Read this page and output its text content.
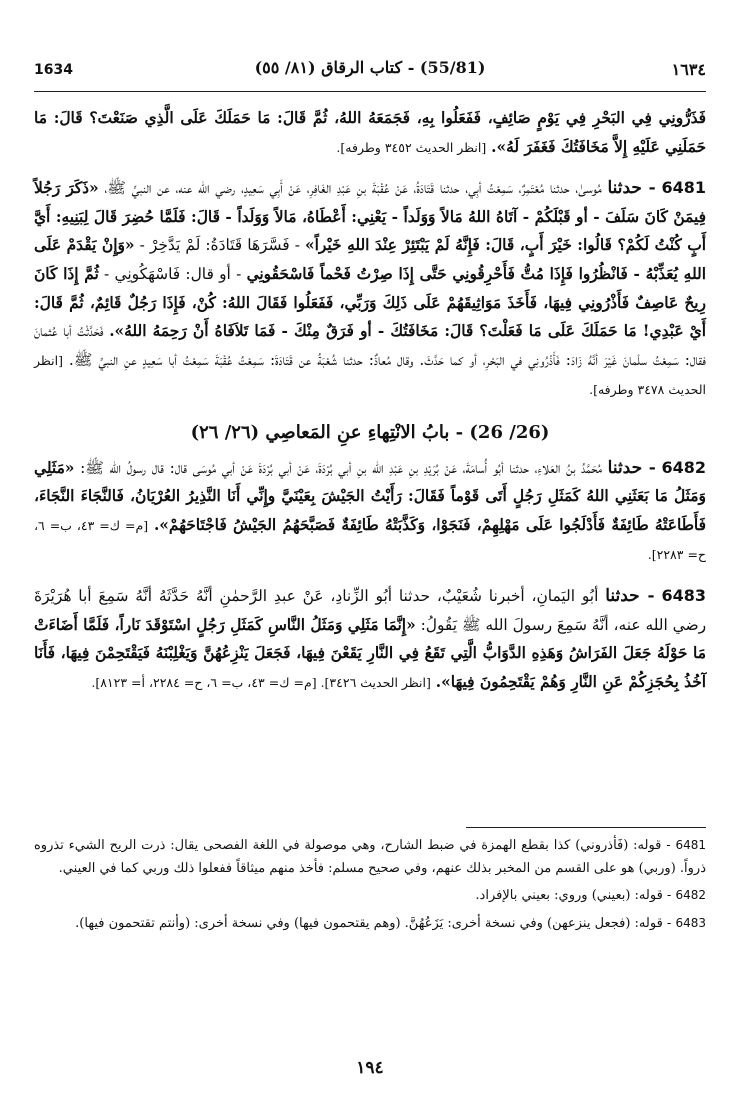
1634	(55/81) - كتاب الرقاق (٨١/ ٥٥)	١٦٣٤

فَذَرُّونِي فِي البَحْرِ فِي يَوْمٍ صَائِفٍ، فَفَعَلُوا بِهِ، فَجَمَعَهُ اللهُ، ثُمَّ قَالَ: مَا حَمَلَكَ عَلَى الَّذِي صَنَعْتَ؟ قَالَ: مَا حَمَلَنِي عَلَيْهِ إِلاَّ مَخَافَتُكَ فَغَفَرَ لَهُ». [انظر الحديث ٣٤٥٢ وطرفه].

6481 - حدثنا مُوسىٰ، حدثنا مُعْتَمِرٌ، سَمِعْتُ أبِي، حدثنا قَتَادَةُ، عَنْ عُقْبَةَ بنِ عَبْدِ الغَافِرِ، عَنْ أَبِي سَعِيدٍ، رضي الله عنه، عن النبيِّ ﷺ، «ذَكَرَ رَجُلاً فِيمَنْ كَانَ سَلَفَ - أو قَبْلَكُمْ - آتَاهُ اللهُ مَالاً وَوَلَداً - يَعْنِي: أَعْطَاهُ، مَالاً وَوَلَداً - قَالَ: فَلَمَّا حُضِرَ قَالَ لِبَنِيهِ: أَيَّ أَبٍ كُنْتُ لَكُمْ؟ قَالُوا: خَيْرَ أَبٍ، قَالَ: فَإِنَّهُ لَمْ يَبْتَئِرْ عِنْدَ اللهِ خَيْراً» - فَسَّرَهَا قَتَادَةُ: لَمْ يَدَّخِرْ - «وَإِنْ يَقْدَمْ عَلَى اللهِ يُعَذِّبْهُ - فَانْظُرُوا فَإِذَا مُتُّ فَأَحْرِقُونِي حَتَّى إِذَا صِرْتُ فَحْماً فَاسْحَقُونِي - أو قال: فَاسْهَكُونِي - ثُمَّ إِذَا كَانَ رِيحٌ عَاصِفٌ فَأَذْرُونِي فِيهَا، فَأَخَذَ مَوَاثِيقَهُمْ عَلَى ذَلِكَ وَرَبِّي، فَفَعَلُوا فَقَالَ اللهُ: كُنْ، فَإِذَا رَجُلٌ قَائِمٌ، ثُمَّ قَالَ: أَيْ عَبْدِي! مَا حَمَلَكَ عَلَى مَا فَعَلْتَ؟ قَالَ: مَخَافَتُكَ - أو فَرَقٌ مِنْكَ - فَمَا تَلاَفَاهُ أَنْ رَحِمَهُ اللهُ». فَحَدَّثْتُ أبا عُثمانَ فقال: سَمِعْتُ سلْمانَ غَيْرَ أنَّهُ زَادَ: فَأَذْرُونِي في البَحْرِ، أو كما حَدَّثَ. وقال مُعاذٌ: حدثنا شُعْبَةُ عن قَتَادَةَ: سَمِعْتُ عُقْبَةَ سَمِعْتُ أبا سَعِيدٍ عنِ النبيِّ ﷺ. [انظر الحديث ٣٤٧٨ وطرفه].

(26/ 26) - بابُ الانْتِهاءِ عنِ المَعاصِي (٢٦/ ٢٦)

6482 - حدثنا مُحَمَّدُ بنُ العَلاءِ، حدثنا أبُو أُسامَةَ، عَنْ بُرَيْدِ بنِ عَبْدِ الله بنِ أبي بُرْدَةَ، عَنْ أبي بُرْدَةَ عَنْ أبي مُوسَى قال: قال رسولُ الله ﷺ: «مَثَلِي وَمَثَلُ مَا بَعَثَنِي اللهُ كَمَثَلِ رَجُلٍ أَتَى قَوْماً فَقَالَ: رَأَيْتُ الجَيْشَ بِعَيْنَيَّ وإِنِّي أَنَا النَّذِيرُ العُرْيَانُ، فَالنَّجَاءَ النَّجَاءَ، فَأَطَاعَتْهُ طَائِفَةٌ فَأَدْلَجُوا عَلَى مَهْلِهِمْ، فَنَجَوْا، وَكَذَّبَتْهُ طَائِفَةٌ فَصَبَّحَهُمُ الجَيْشُ فَاجْتَاحَهُمْ». [م= ك= ٤٣، ب= ٦، ح= ٢٢٨٣].

6483 - حدثنا أبُو اليَمانِ، أخبرنا شُعَيْبٌ، حدثنا أبُو الزِّنادِ، عَنْ عبدِ الرَّحمٰنِ أنَّهُ حَدَّثَهُ أنَّهُ سَمِعَ أبا هُرَيْرَةَ رضي الله عنه، أنَّهُ سَمِعَ رسولَ الله ﷺ يَقُولُ: «إِنَّمَا مَثَلِي وَمَثَلُ النَّاسِ كَمَثَلِ رَجُلٍ اسْتَوْقَدَ نَاراً، فَلَمَّا أَضَاءَتْ مَا حَوْلَهُ جَعَلَ الفَرَاشُ وَهَذِهِ الدَّوَابُّ الَّتِي تَقَعُ فِي النَّارِ يَقَعْنَ فِيهَا، فَجَعَلَ يَنْزِعُهُنَّ وَيَغْلِبْنَهُ فَيَقْتَحِمْنَ فِيهَا، فَأَنَا آخُذُ بِحُجَزِكُمْ عَنِ النَّارِ وَهُمْ يَقْتَحِمُونَ فِيهَا». [انظر الحديث ٣٤٢٦]. [م= ك= ٤٣، ب= ٦، ح= ٢٢٨٤، أ= ٨١٢٣].

6481 - قوله: (فَأذروني) كذا بقطع الهمزة في ضبط الشارح، وهي موصولة في اللغة الفصحى يقال: ذرت الريح الشيء تذروه ذرواً. (وربي) هو على القسم من المخبر بذلك عنهم، وفي صحيح مسلم: فأخذ منهم ميثاقاً ففعلوا ذلك وربي كما في العيني.

6482 - قوله: (بعيني) وروي: بعيني بالإفراد.

6483 - قوله: (فجعل ينزعهن) وفي نسخة أخرى: يَزَعُهُنَّ. (وهم يقتحمون فيها) وفي نسخة أخرى: (وأنتم تقتحمون فيها).

١٩٤
